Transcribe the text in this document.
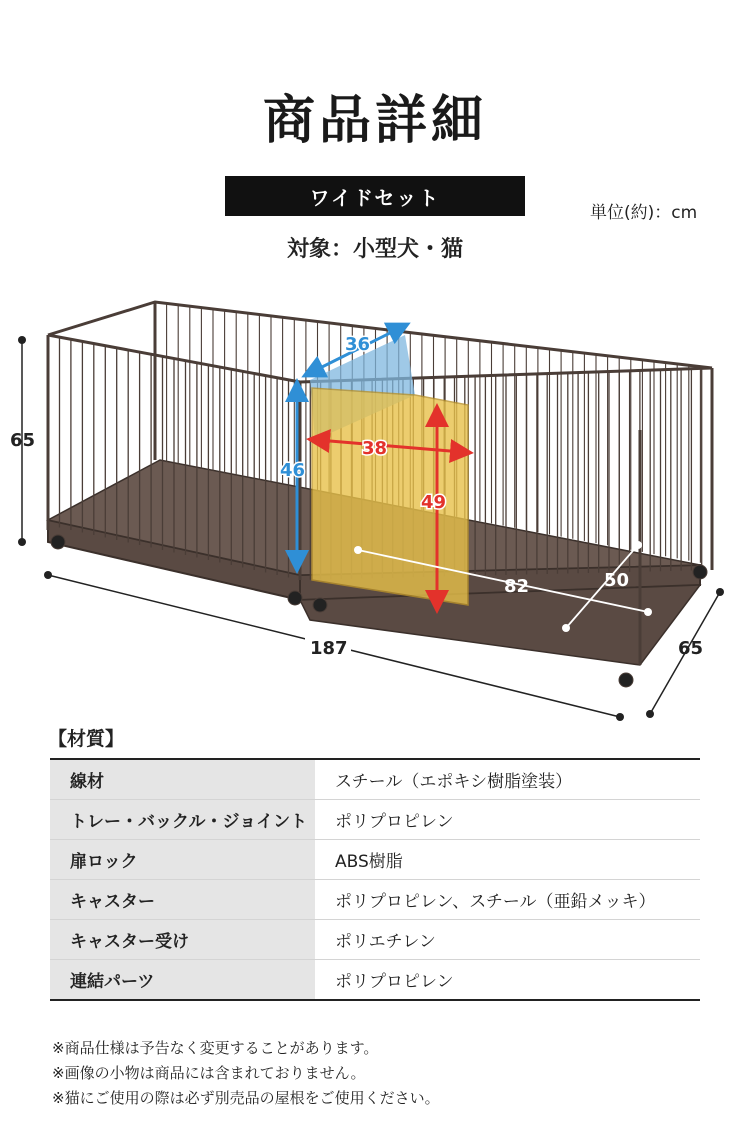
商品詳細
ワイドセット
単位(約)：cm
対象：小型犬・猫
65
187	65
36
46
38
49
82	50
【材質】
線材	スチール（エポキシ樹脂塗装）
トレー・バックル・ジョイント	ポリプロピレン
扉ロック	ABS樹脂
キャスター	ポリプロピレン、スチール（亜鉛メッキ）
キャスター受け	ポリエチレン
連結パーツ	ポリプロピレン
※商品仕様は予告なく変更することがあります。
※画像の小物は商品には含まれておりません。
※猫にご使用の際は必ず別売品の屋根をご使用ください。
